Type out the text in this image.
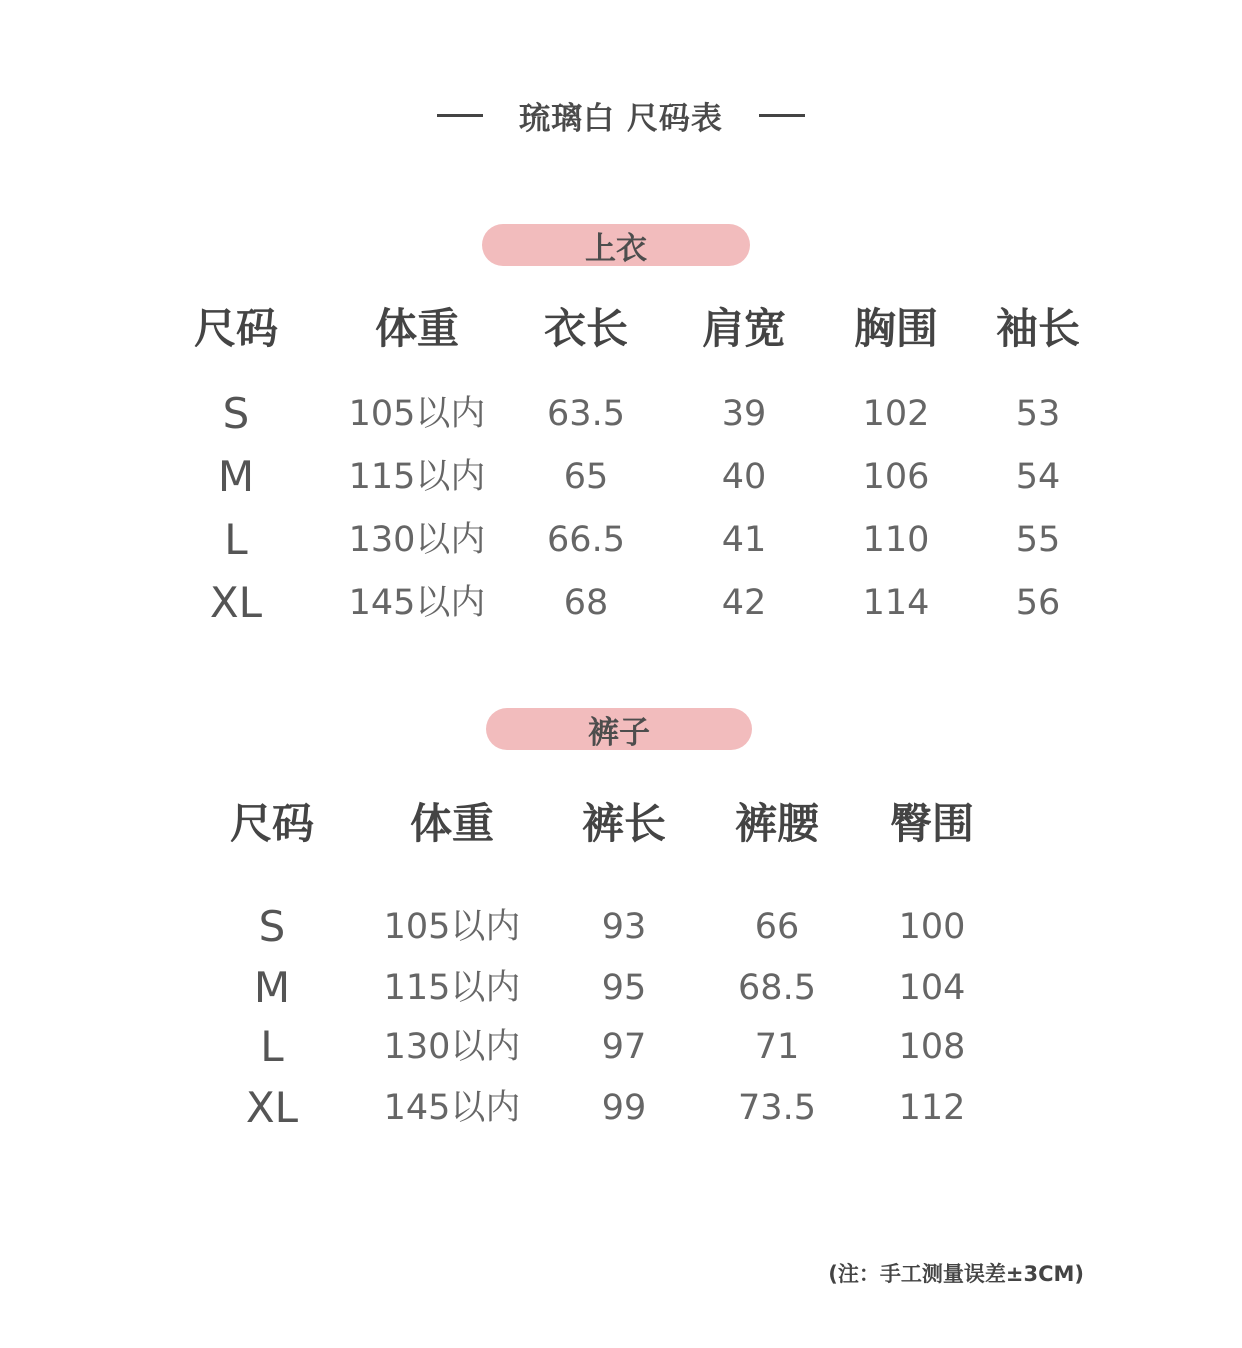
琉璃白 尺码表
上衣
尺码 体重 衣长 肩宽 胸围 袖长
S	105以内 63.5	39	102 53
M	115以内 65	40	106 54
L	130以内 66.5	41	110 55
XL 145以内 68	42	114 56
裤子
尺码 体重 裤长 裤腰 臀围
S	105以内 93	66	100
M	115以内 95	68.5 104
L	130以内 97	71	108
XL 145以内 99	73.5 112
(注：手工测量误差±3CM)
